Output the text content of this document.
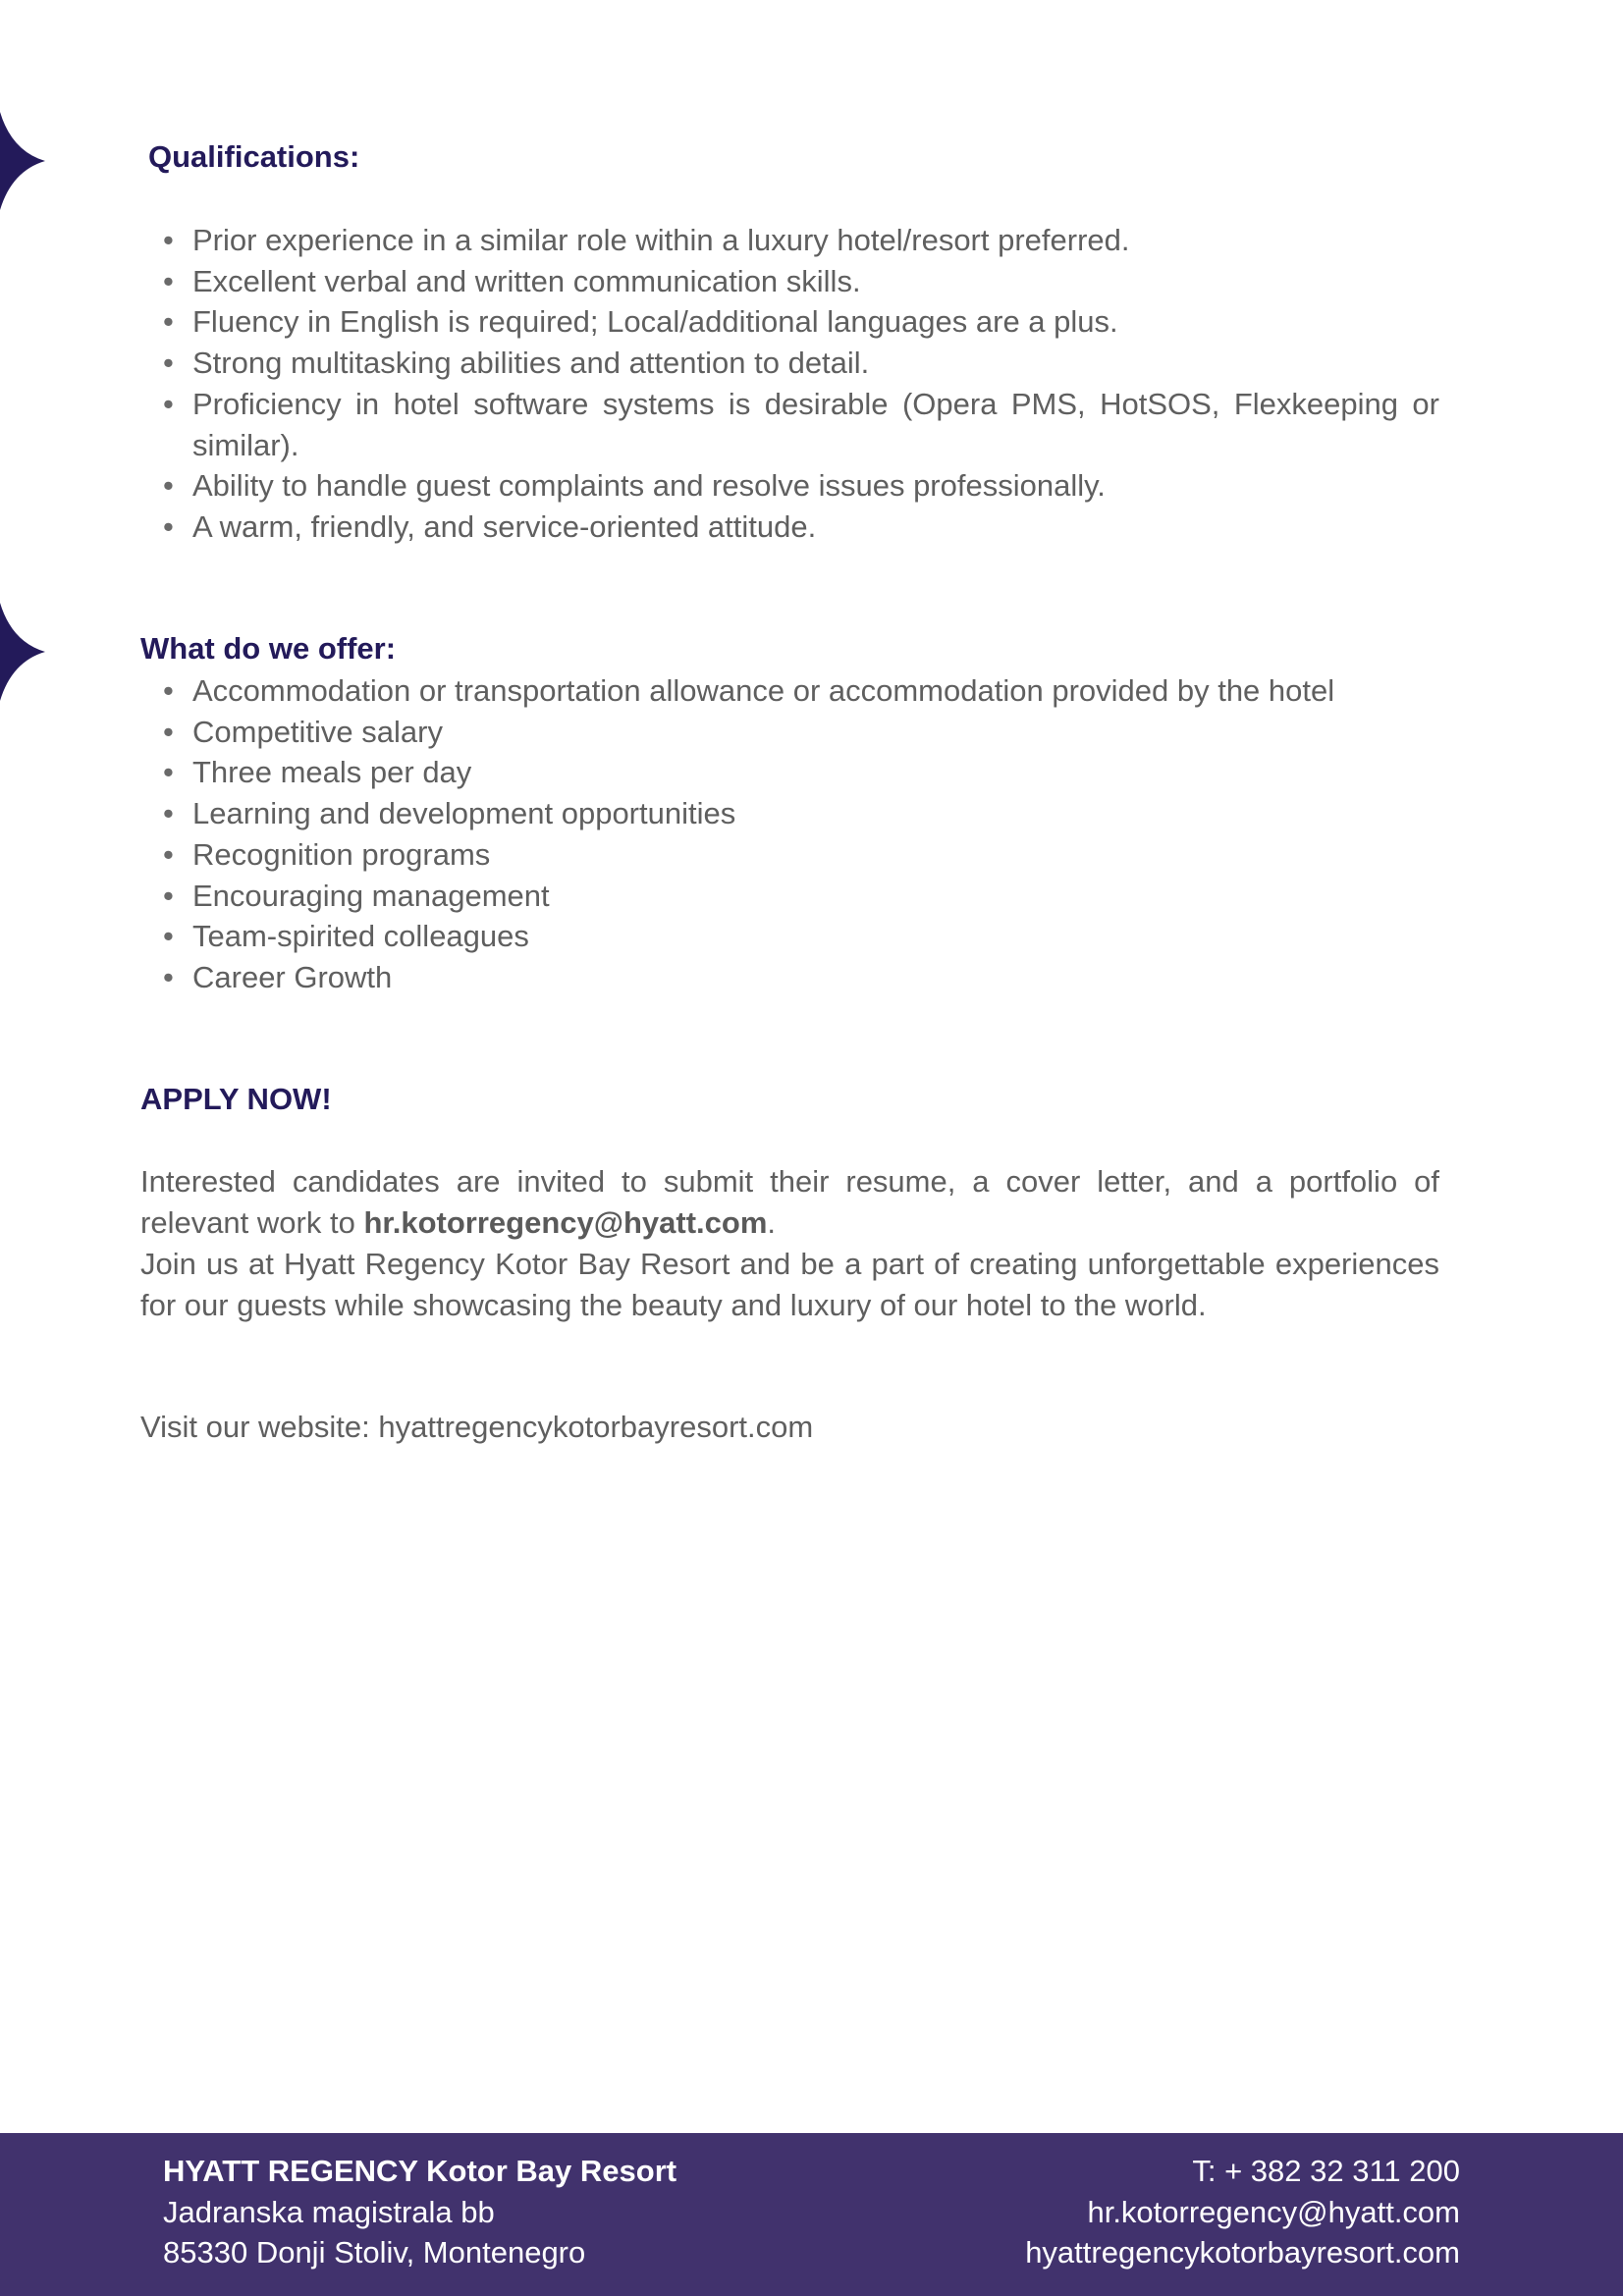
Qualifications:
• Prior experience in a similar role within a luxury hotel/resort preferred.
• Excellent verbal and written communication skills.
• Fluency in English is required; Local/additional languages are a plus.
• Strong multitasking abilities and attention to detail.
• Proficiency in hotel software systems is desirable (Opera PMS, HotSOS, Flexkeeping or similar).
• Ability to handle guest complaints and resolve issues professionally.
• A warm, friendly, and service-oriented attitude.
What do we offer:
• Accommodation or transportation allowance or accommodation provided by the hotel
• Competitive salary
• Three meals per day
• Learning and development opportunities
• Recognition programs
• Encouraging management
• Team-spirited colleagues
• Career Growth
APPLY NOW!

Interested candidates are invited to submit their resume, a cover letter, and a portfolio of relevant work to hr.kotorregency@hyatt.com.

Join us at Hyatt Regency Kotor Bay Resort and be a part of creating unforgettable experiences for our guests while showcasing the beauty and luxury of our hotel to the world.

Visit our website: hyattregencykotorbayresort.com

HYATT REGENCY Kotor Bay Resort
Jadranska magistrala bb
85330 Donji Stoliv, Montenegro
T: + 382 32 311 200
hr.kotorregency@hyatt.com
hyattregencykotorbayresort.com
